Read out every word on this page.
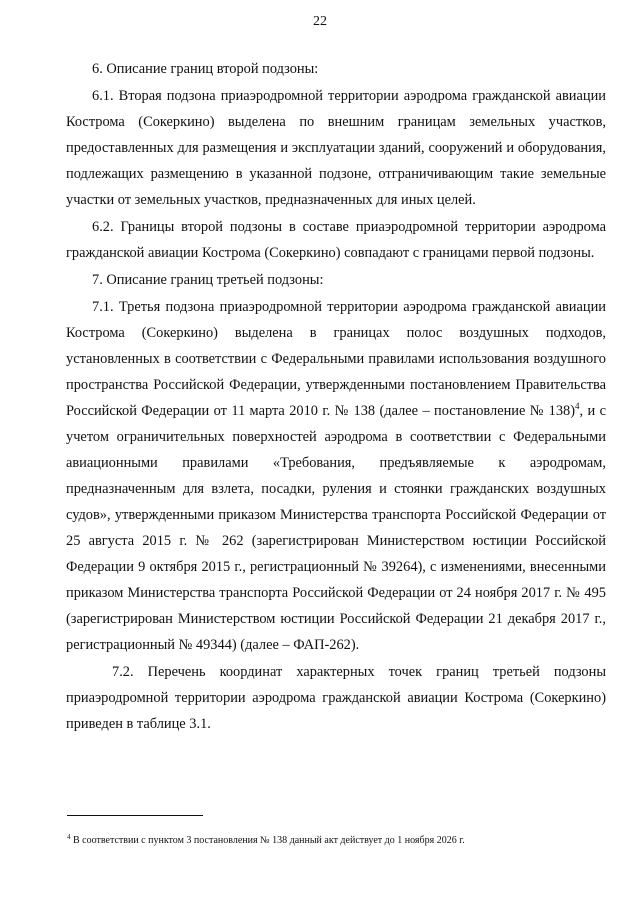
22

6. Описание границ второй подзоны:

6.1. Вторая подзона приаэродромной территории аэродрома гражданской авиации Кострома (Сокеркино) выделена по внешним границам земельных участков, предоставленных для размещения и эксплуатации зданий, сооружений и оборудования, подлежащих размещению в указанной подзоне, отграничивающим такие земельные участки от земельных участков, предназначенных для иных целей.

6.2. Границы второй подзоны в составе приаэродромной территории аэродрома гражданской авиации Кострома (Сокеркино) совпадают с границами первой подзоны.

7. Описание границ третьей подзоны:

7.1. Третья подзона приаэродромной территории аэродрома гражданской авиации Кострома (Сокеркино) выделена в границах полос воздушных подходов, установленных в соответствии с Федеральными правилами использования воздушного пространства Российской Федерации, утвержденными постановлением Правительства Российской Федерации от 11 марта 2010 г. № 138 (далее – постановление № 138)$^4$, и с учетом ограничительных поверхностей аэродрома в соответствии с Федеральными авиационными правилами «Требования, предъявляемые к аэродромам, предназначенным для взлета, посадки, руления и стоянки гражданских воздушных судов», утвержденными приказом Министерства транспорта Российской Федерации от 25 августа 2015 г. № 262 (зарегистрирован Министерством юстиции Российской Федерации 9 октября 2015 г., регистрационный № 39264), с изменениями, внесенными приказом Министерства транспорта Российской Федерации от 24 ноября 2017 г. № 495 (зарегистрирован Министерством юстиции Российской Федерации 21 декабря 2017 г., регистрационный № 49344) (далее – ФАП-262).

7.2. Перечень координат характерных точек границ третьей подзоны приаэродромной территории аэродрома гражданской авиации Кострома (Сокеркино) приведен в таблице 3.1.

$^4$ В соответствии с пунктом 3 постановления № 138 данный акт действует до 1 ноября 2026 г.
